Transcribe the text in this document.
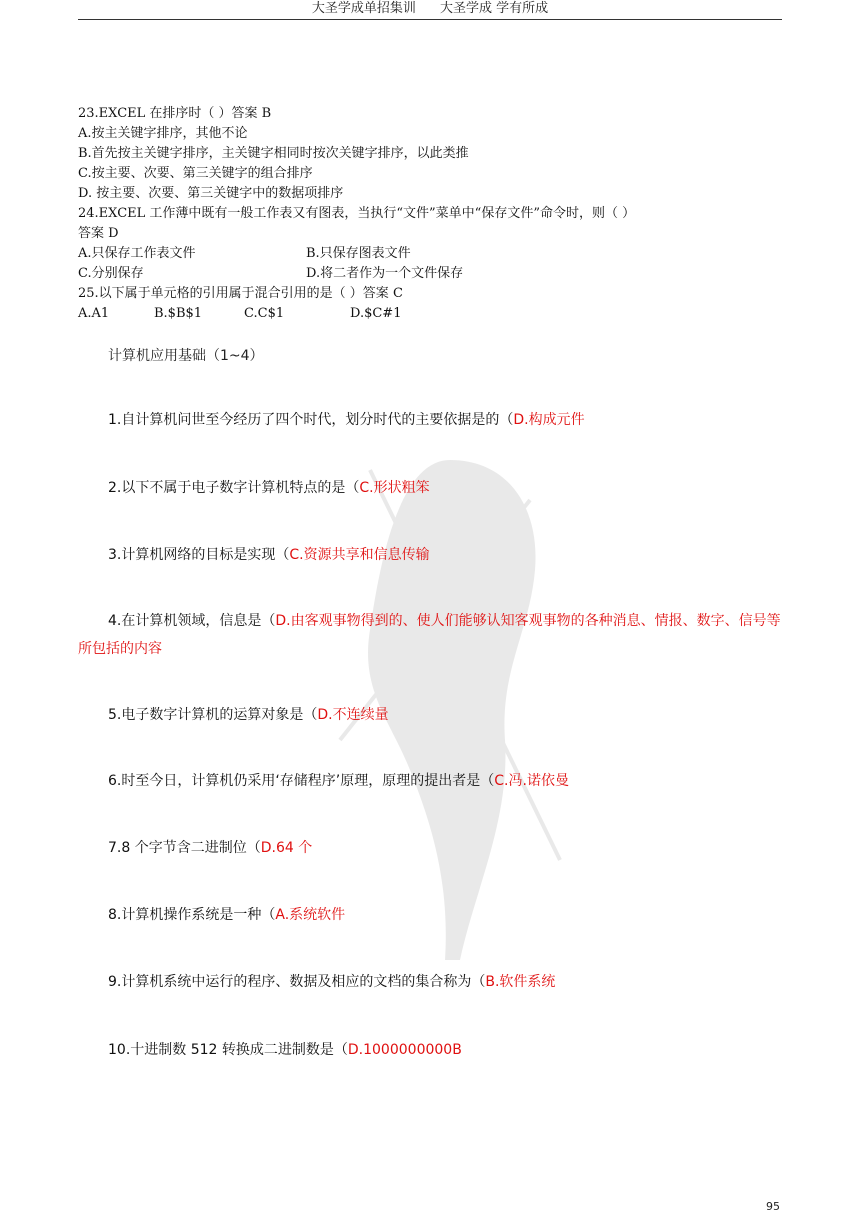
大圣学成单招集训 大圣学成 学有所成
23.EXCEL 在排序时（ ）答案 B
A.按主关键字排序，其他不论
B.首先按主关键字排序，主关键字相同时按次关键字排序，以此类推
C.按主要、次要、第三关键字的组合排序
D. 按主要、次要、第三关键字中的数据项排序
24.EXCEL 工作薄中既有一般工作表又有图表，当执行“文件”菜单中“保存文件”命令时，则（ ）
答案 D
A.只保存工作表文件	B.只保存图表文件
C.分别保存	D.将二者作为一个文件保存
25.以下属于单元格的引用属于混合引用的是（ ）答案 C
A.A1	B.$B$1	C.C$1	D.$C#1
计算机应用基础（1~4）
1.自计算机问世至今经历了四个时代，划分时代的主要依据是的（D.构成元件
2.以下不属于电子数字计算机特点的是（C.形状粗笨
3.计算机网络的目标是实现（C.资源共享和信息传输
4.在计算机领域，信息是（D.由客观事物得到的、使人们能够认知客观事物的各种消息、情报、数字、信号等所包括的内容
5.电子数字计算机的运算对象是（D.不连续量
6.时至今日，计算机仍采用‘存储程序’原理，原理的提出者是（C.冯.诺依曼
7.8 个字节含二进制位（D.64 个
8.计算机操作系统是一种（A.系统软件
9.计算机系统中运行的程序、数据及相应的文档的集合称为（B.软件系统
10.十进制数 512 转换成二进制数是（D.1000000000B
95
